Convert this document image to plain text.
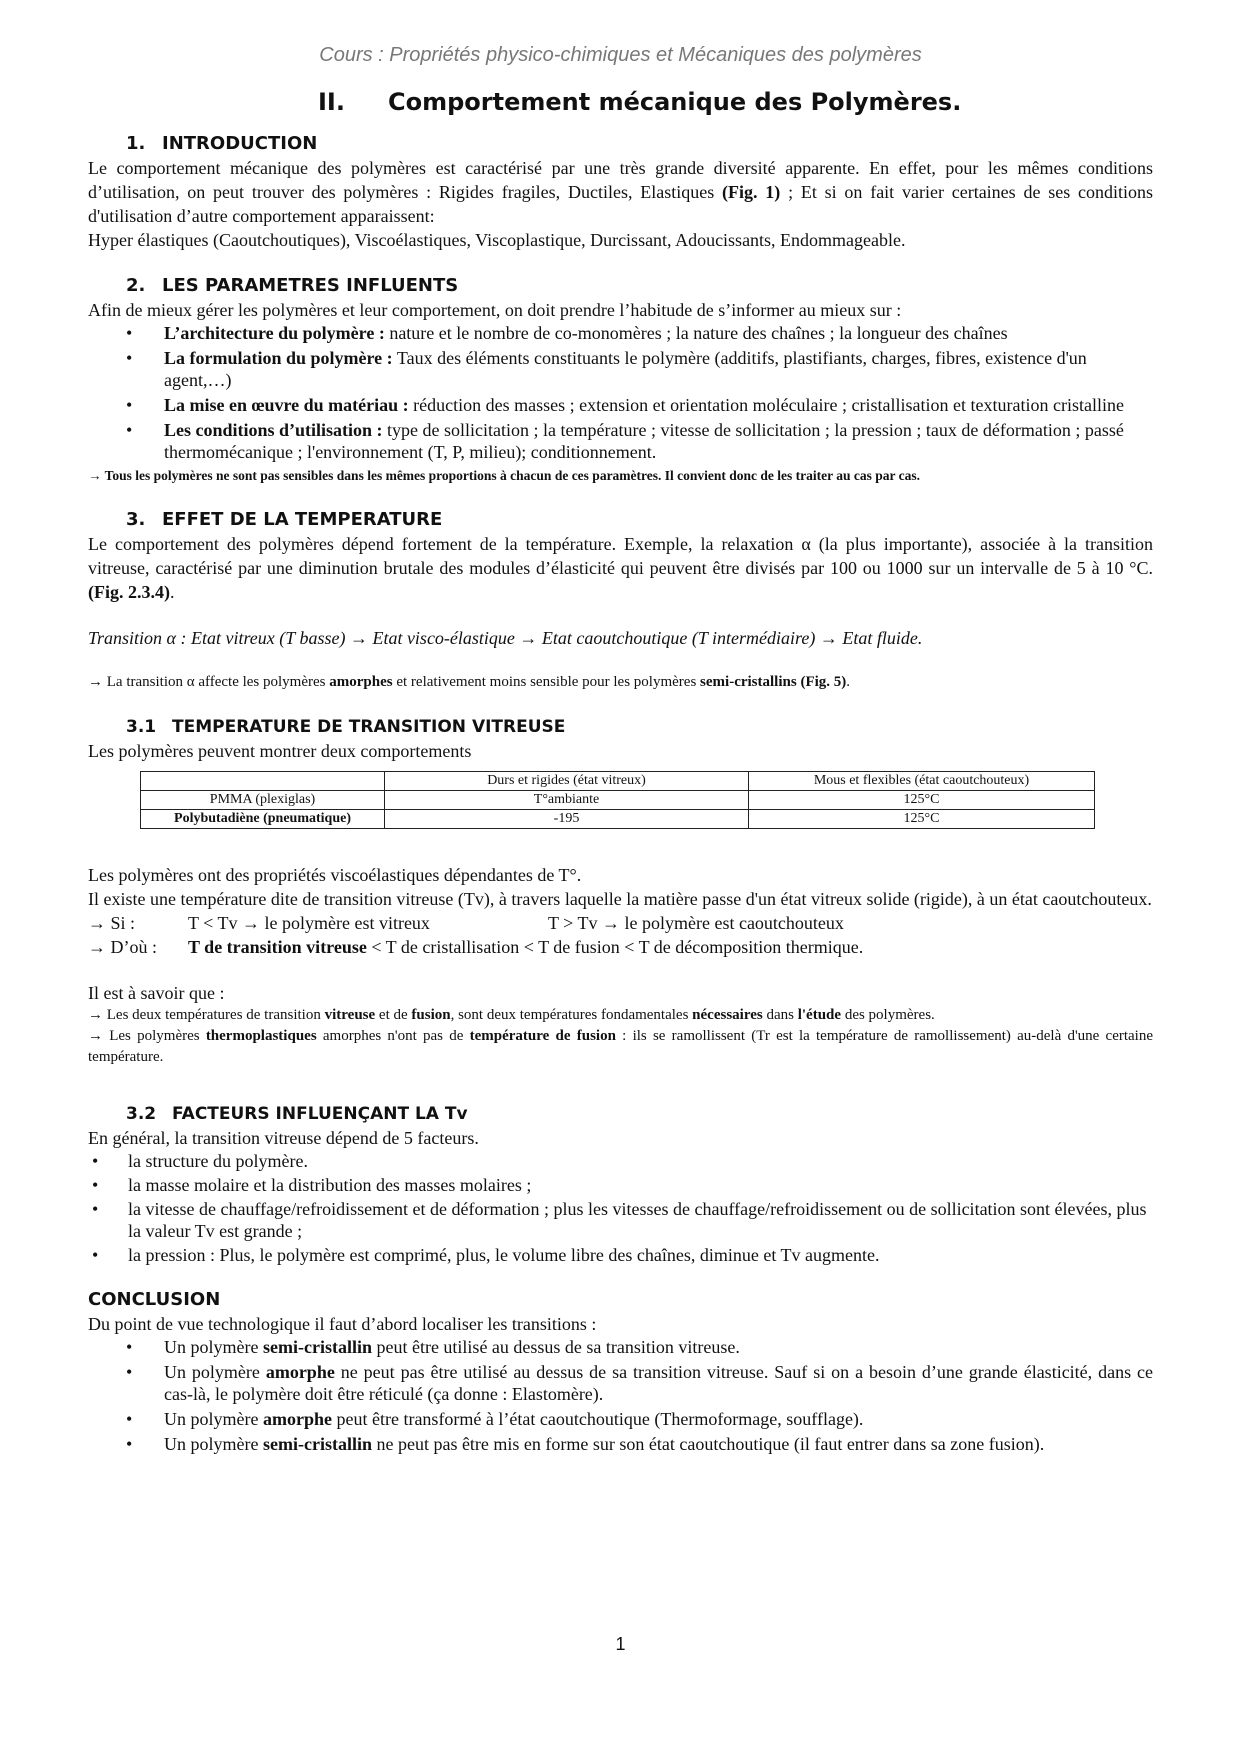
Cours : Propriétés physico-chimiques et Mécaniques des polymères
II. Comportement mécanique des Polymères.
1. INTRODUCTION

Le comportement mécanique des polymères est caractérisé par une très grande diversité apparente. En effet, pour les mêmes conditions d’utilisation, on peut trouver des polymères : Rigides fragiles, Ductiles, Elastiques (Fig. 1) ; Et si on fait varier certaines de ses conditions d'utilisation d’autre comportement apparaissent:

Hyper élastiques (Caoutchoutiques), Viscoélastiques, Viscoplastique, Durcissant, Adoucissants, Endommageable.

2. LES PARAMETRES INFLUENTS

Afin de mieux gérer les polymères et leur comportement, on doit prendre l’habitude de s’informer au mieux sur :

• L’architecture du polymère : nature et le nombre de co-monomères ; la nature des chaînes ; la longueur des chaînes
• La formulation du polymère : Taux des éléments constituants le polymère (additifs, plastifiants, charges, fibres, existence d'un agent,…)
• La mise en œuvre du matériau : réduction des masses ; extension et orientation moléculaire ; cristallisation et texturation cristalline
• Les conditions d’utilisation : type de sollicitation ; la température ; vitesse de sollicitation ; la pression ; taux de déformation ; passé thermomécanique ; l'environnement (T, P, milieu); conditionnement.

→ Tous les polymères ne sont pas sensibles dans les mêmes proportions à chacun de ces paramètres. Il convient donc de les traiter au cas par cas.

3. EFFET DE LA TEMPERATURE

Le comportement des polymères dépend fortement de la température. Exemple, la relaxation α (la plus importante), associée à la transition vitreuse, caractérisé par une diminution brutale des modules d’élasticité qui peuvent être divisés par 100 ou 1000 sur un intervalle de 5 à 10 °C. (Fig. 2.3.4).

Transition α : Etat vitreux (T basse) → Etat visco-élastique → Etat caoutchoutique (T intermédiaire) → Etat fluide.

→ La transition α affecte les polymères amorphes et relativement moins sensible pour les polymères semi-cristallins (Fig. 5).

3.1 TEMPERATURE DE TRANSITION VITREUSE

Les polymères peuvent montrer deux comportements

	Durs et rigides (état vitreux)	Mous et flexibles (état caoutchouteux)
PMMA (plexiglas)	T°ambiante	125°C
Polybutadiène (pneumatique)	-195	125°C

Les polymères ont des propriétés viscoélastiques dépendantes de T°.

Il existe une température dite de transition vitreuse (Tv), à travers laquelle la matière passe d'un état vitreux solide (rigide), à un état caoutchouteux.

→ Si :	T < Tv → le polymère est vitreux	T > Tv → le polymère est caoutchouteux

→ D’où : T de transition vitreuse < T de cristallisation < T de fusion < T de décomposition thermique.

Il est à savoir que :

→ Les deux températures de transition vitreuse et de fusion, sont deux températures fondamentales nécessaires dans l'étude des polymères.

→ Les polymères thermoplastiques amorphes n'ont pas de température de fusion : ils se ramollissent (Tr est la température de ramollissement) au-delà d'une certaine température.

3.2 FACTEURS INFLUENÇANT LA Tv

En général, la transition vitreuse dépend de 5 facteurs.

• la structure du polymère.
• la masse molaire et la distribution des masses molaires ;
• la vitesse de chauffage/refroidissement et de déformation ; plus les vitesses de chauffage/refroidissement ou de sollicitation sont élevées, plus la valeur Tv est grande ;
• la pression : Plus, le polymère est comprimé, plus, le volume libre des chaînes, diminue et Tv augmente.
CONCLUSION

Du point de vue technologique il faut d’abord localiser les transitions :

• Un polymère semi-cristallin peut être utilisé au dessus de sa transition vitreuse.
• Un polymère amorphe ne peut pas être utilisé au dessus de sa transition vitreuse. Sauf si on a besoin d’une grande élasticité, dans ce cas-là, le polymère doit être réticulé (ça donne : Elastomère).
• Un polymère amorphe peut être transformé à l’état caoutchoutique (Thermoformage, soufflage).
• Un polymère semi-cristallin ne peut pas être mis en forme sur son état caoutchoutique (il faut entrer dans sa zone fusion).
1
